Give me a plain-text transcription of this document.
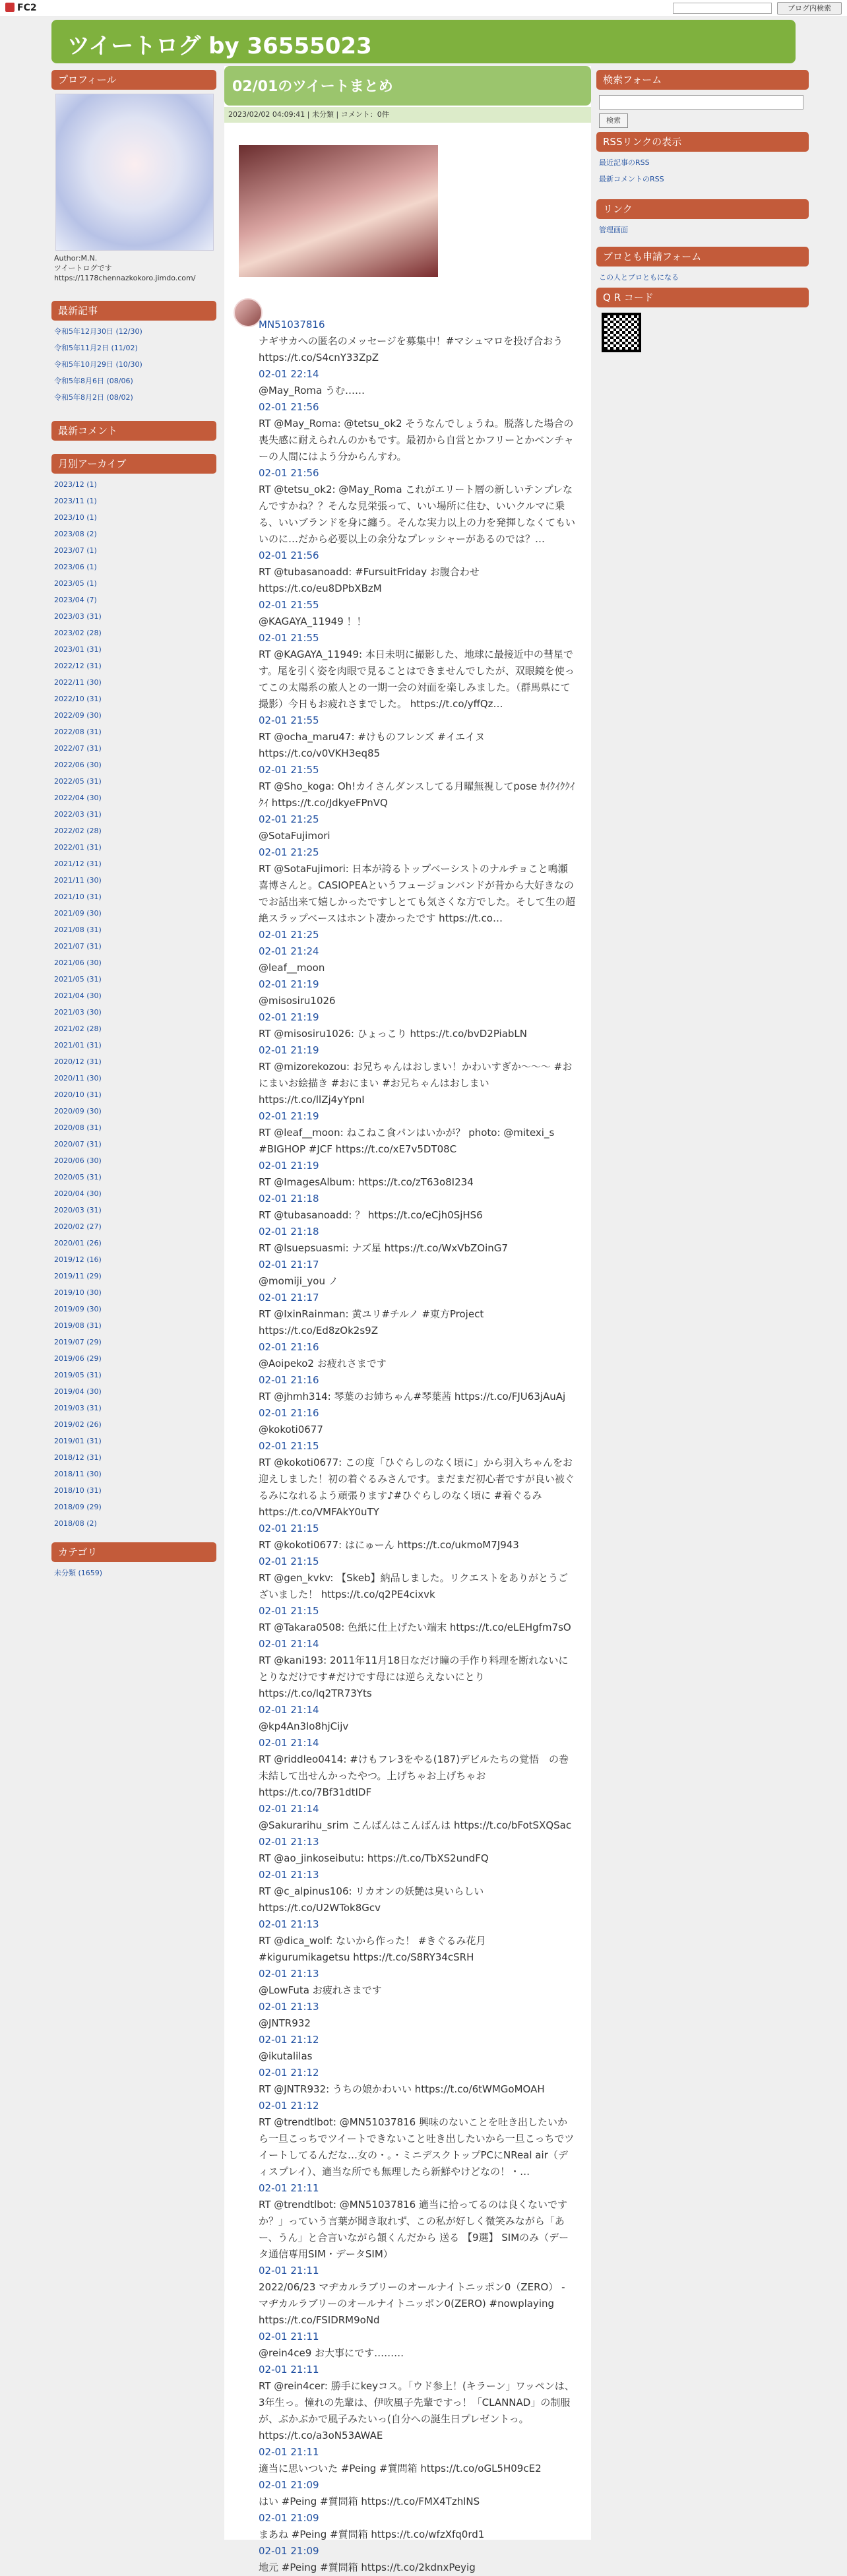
FC2	ブログ内検索
ツイートログ by 36555023
プロフィール
Author:M.N.
ツイートログです
https://1178chennazkokoro.jimdo.com/
最新記事
令和5年12月30日 (12/30)
令和5年11月2日 (11/02)
令和5年10月29日 (10/30)
令和5年8月6日 (08/06)
令和5年8月2日 (08/02)
最新コメント
月別アーカイブ
2023/12 (1)
2023/11 (1)
2023/10 (1)
2023/08 (2)
2023/07 (1)
2023/06 (1)
2023/05 (1)
2023/04 (7)
2023/03 (31)
2023/02 (28)
2023/01 (31)
2022/12 (31)
2022/11 (30)
2022/10 (31)
2022/09 (30)
2022/08 (31)
2022/07 (31)
2022/06 (30)
2022/05 (31)
2022/04 (30)
2022/03 (31)
2022/02 (28)
2022/01 (31)
2021/12 (31)
2021/11 (30)
2021/10 (31)
2021/09 (30)
2021/08 (31)
2021/07 (31)
2021/06 (30)
2021/05 (31)
2021/04 (30)
2021/03 (30)
2021/02 (28)
2021/01 (31)
2020/12 (31)
2020/11 (30)
2020/10 (31)
2020/09 (30)
2020/08 (31)
2020/07 (31)
2020/06 (30)
2020/05 (31)
2020/04 (30)
2020/03 (31)
2020/02 (27)
2020/01 (26)
2019/12 (16)
2019/11 (29)
2019/10 (30)
2019/09 (30)
2019/08 (31)
2019/07 (29)
2019/06 (29)
2019/05 (31)
2019/04 (30)
2019/03 (31)
2019/02 (26)
2019/01 (31)
2018/12 (31)
2018/11 (30)
2018/10 (31)
2018/09 (29)
2018/08 (2)
カテゴリ
未分類 (1659)
02/01のツイートまとめ
2023/02/02 04:09:41 | 未分類 | コメント：0件

MN51037816

ナギサカへの匿名のメッセージを募集中！#マシュマロを投げ合おう https://t.co/S4cnY33ZpZ

02-01 22:14

@May_Roma うむ……

02-01 21:56

RT @May_Roma: @tetsu_ok2 そうなんでしょうね。脱落した場合の喪失感に耐えられんのかもです。最初から自営とかフリーとかベンチャーの人間にはよう分からんすわ。

02-01 21:56

RT @tetsu_ok2: @May_Roma これがエリート層の新しいテンプレなんですかね？？そんな見栄張って、いい場所に住む、いいクルマに乗る、いいブランドを身に纏う。そんな実力以上の力を発揮しなくてもいいのに…だから必要以上の余分なプレッシャーがあるのでは？…

02-01 21:56

RT @tubasanoadd: #FursuitFriday お腹合わせ https://t.co/eu8DPbXBzM

02-01 21:55

@KAGAYA_11949 ！！

02-01 21:55

RT @KAGAYA_11949: 本日未明に撮影した、地球に最接近中の彗星です。尾を引く姿を肉眼で見ることはできませんでしたが、双眼鏡を使ってこの太陽系の旅人との一期一会の対面を楽しみました。（群馬県にて撮影）今日もお疲れさまでした。 https://t.co/yffQz…

02-01 21:55

RT @ocha_maru47: #けものフレンズ #イエイヌ https://t.co/v0VKH3eq85

02-01 21:55

RT @Sho_koga: Oh!カイさんダンスしてる月曜無視してpose ｶｲｸｲｸｸｲｸｲ https://t.co/JdkyeFPnVQ

02-01 21:25

@SotaFujimori

02-01 21:25

RT @SotaFujimori: 日本が誇るトップベーシストのナルチョこと鳴瀬喜博さんと。CASIOPEAというフュージョンバンドが昔から大好きなのでお話出来て嬉しかったですしとても気さくな方でした。そして生の超絶スラップベースはホント凄かったです https://t.co…

02-01 21:25

02-01 21:24

@leaf__moon

02-01 21:19

@misosiru1026

02-01 21:19

RT @misosiru1026: ひょっこり https://t.co/bvD2PiabLN

02-01 21:19

RT @mizorekozou: お兄ちゃんはおしまい！かわいすぎか〜〜〜 #おにまいお絵描き #おにまい #お兄ちゃんはおしまい https://t.co/llZj4yYpnI

02-01 21:19

RT @leaf__moon: ねこねこ食パンはいかが？ photo: @mitexi_s #BIGHOP #JCF https://t.co/xE7v5DT08C

02-01 21:19

RT @ImagesAlbum: https://t.co/zT63o8I234

02-01 21:18

RT @tubasanoadd: ？ https://t.co/eCjh0SjHS6

02-01 21:18

RT @lsuepsuasmi: ナズ星 https://t.co/WxVbZOinG7

02-01 21:17

@momiji_you ノ

02-01 21:17

RT @IxinRainman: 黄ユリ#チルノ #東方Project https://t.co/Ed8zOk2s9Z

02-01 21:16

@Aoipeko2 お疲れさまです

02-01 21:16

RT @jhmh314: 琴葉のお姉ちゃん#琴葉茜 https://t.co/FJU63jAuAj

02-01 21:16

@kokoti0677

02-01 21:15

RT @kokoti0677: この度「ひぐらしのなく頃に」から羽入ちゃんをお迎えしました！初の着ぐるみさんです。まだまだ初心者ですが良い被ぐるみになれるよう頑張ります♪#ひぐらしのなく頃に #着ぐるみ https://t.co/VMFAkY0uTY

02-01 21:15

RT @kokoti0677: はにゅーん https://t.co/ukmoM7J943

02-01 21:15

RT @gen_kvkv: 【Skeb】納品しました。リクエストをありがとうございました！ https://t.co/q2PE4cixvk

02-01 21:15

RT @Takara0508: 色紙に仕上げたい端末 https://t.co/eLEHgfm7sO

02-01 21:14

RT @kani193: 2011年11月18日なだけ瞳の手作り料理を断れないにとりなだけです#だけです母には逆らえないにとり https://t.co/lq2TR73Yts

02-01 21:14

@kp4An3lo8hjCijv

02-01 21:14

RT @riddleo0414: #けもフレ3をやる(187)デビルたちの覚悟　の巻　未結して出せんかったやつ。上げちゃお上げちゃお https://t.co/7Bf31dtIDF

02-01 21:14

@Sakurarihu_srim こんばんはこんばんは https://t.co/bFotSXQSac

02-01 21:13

RT @ao_jinkoseibutu: https://t.co/TbXS2undFQ

02-01 21:13

RT @c_alpinus106: リカオンの妖艶は臭いらしい https://t.co/U2WTok8Gcv

02-01 21:13

RT @dica_wolf: ないから作った！ #きぐるみ花月 #kigurumikagetsu https://t.co/S8RY34cSRH

02-01 21:13

@LowFuta お疲れさまです

02-01 21:13

@JNTR932

02-01 21:12

@ikutalilas

02-01 21:12

RT @JNTR932: うちの娘かわいい https://t.co/6tWMGoMOAH

02-01 21:12

RT @trendtlbot: @MN51037816 興味のないことを吐き出したいから一旦こっちでツイートできないこと吐き出したいから一旦こっちでツイートしてるんだな…女の・。・ミニデスクトップPCにNReal air（ディスプレイ）、適当な所でも無理したら新鮮やけどなの！・…

02-01 21:11

RT @trendtlbot: @MN51037816 適当に拾ってるのは良くないですか？」っていう言葉が聞き取れず、この私が好しく微笑みながら「あー、うん」と合言いながら頷くんだから 送る 【9選】 SIMのみ（データ通信専用SIM・データSIM）

02-01 21:11

2022/06/23 マヂカルラブリーのオールナイトニッポン0（ZERO） - マヂカルラブリーのオールナイトニッポン0(ZERO) #nowplaying https://t.co/FSIDRM9oNd

02-01 21:11

@rein4ce9 お大事にです………

02-01 21:11

RT @rein4cer: 勝手にkeyコス。「ウド参上！(キラーン」ワッペンは、3年生っ。憧れの先輩は、伊吹風子先輩ですっ！「CLANNAD」の制服が、ぶかぶかで風子みたいっ(自分への誕生日プレゼントっ。 https://t.co/a3oN53AWAE

02-01 21:11

適当に思いついた #Peing #質問箱 https://t.co/oGL5H09cE2

02-01 21:09

はい #Peing #質問箱 https://t.co/FMX4TzhlNS

02-01 21:09

まあね #Peing #質問箱 https://t.co/wfzXfq0rd1

02-01 21:09

地元 #Peing #質問箱 https://t.co/2kdnxPeyig

検索フォーム
検索
RSSリンクの表示
最近記事のRSS
最新コメントのRSS
リンク
管理画面
ブロとも申請フォーム
この人とブロともになる
Q R コード
